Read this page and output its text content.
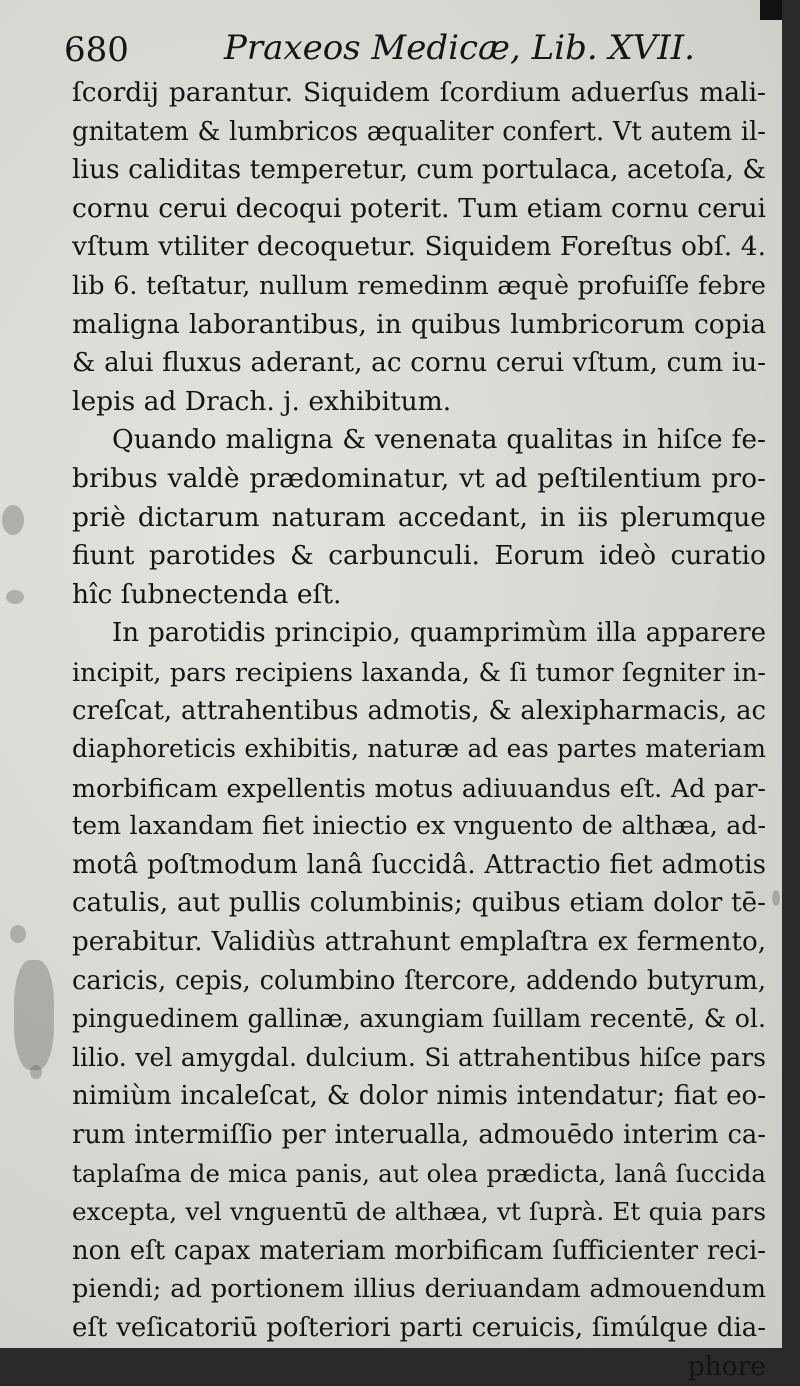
680	Praxeos Medicæ, Lib. XVII.
ſcordij parantur. Siquidem ſcordium aduerſus mali-
gnitatem & lumbricos æqualiter confert. Vt autem il-
lius caliditas temperetur, cum portulaca, acetoſa, &
cornu cerui decoqui poterit. Tum etiam cornu cerui
vſtum vtiliter decoquetur. Siquidem Foreſtus obſ. 4.
lib 6. teſtatur, nullum remedinm æquè profuiſſe febre
maligna laborantibus, in quibus lumbricorum copia
& alui fluxus aderant, ac cornu cerui vſtum, cum iu-
lepis ad Drach. j. exhibitum.
Quando maligna & venenata qualitas in hiſce fe-
bribus valdè prædominatur, vt ad peſtilentium pro-
priè dictarum naturam accedant, in iis plerumque
fiunt parotides & carbunculi. Eorum ideò curatio
hîc ſubnectenda eſt.
In parotidis principio, quamprimùm illa apparere
incipit, pars recipiens laxanda, & ſi tumor ſegniter in-
creſcat, attrahentibus admotis, & alexipharmacis, ac
diaphoreticis exhibitis, naturæ ad eas partes materiam
morbificam expellentis motus adiuuandus eſt. Ad par-
tem laxandam fiet iniectio ex vnguento de althæa, ad-
motâ poſtmodum lanâ ſuccidâ. Attractio fiet admotis
catulis, aut pullis columbinis; quibus etiam dolor tē-
perabitur. Validiùs attrahunt emplaſtra ex fermento,
caricis, cepis, columbino ſtercore, addendo butyrum,
pinguedinem gallinæ, axungiam ſuillam recentē, & ol.
lilio. vel amygdal. dulcium. Si attrahentibus hiſce pars
nimiùm incaleſcat, & dolor nimis intendatur; fiat eo-
rum intermiſſio per interualla, admouēdo interim ca-
taplaſma de mica panis, aut olea prædicta, lanâ ſuccida
excepta, vel vnguentū de althæa, vt ſuprà. Et quia pars
non eſt capax materiam morbificam ſufficienter reci-
piendi; ad portionem illius deriuandam admouendum
eſt veſicatoriū poſteriori parti ceruicis, ſimúlque dia-
phore
